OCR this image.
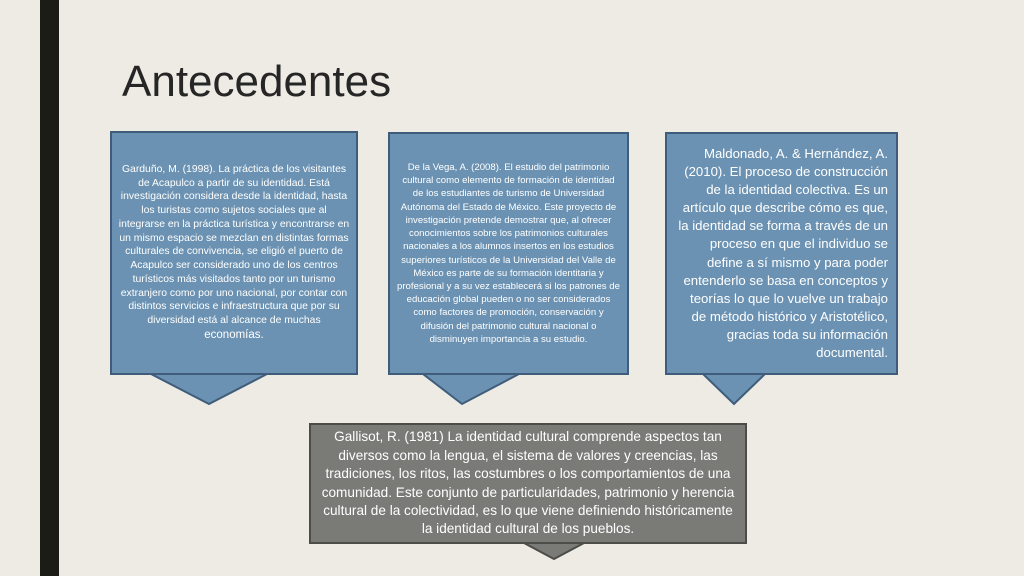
Antecedentes
Garduño, M. (1998). La práctica de los visitantes de Acapulco a partir de su identidad. Está investigación considera desde la identidad, hasta los turistas como sujetos sociales que al integrarse en la práctica turística y encontrarse en un mismo espacio se mezclan en distintas formas culturales de convivencia, se eligió el puerto de Acapulco ser considerado uno de los centros turísticos más visitados tanto por un turismo extranjero como por uno nacional, por contar con distintos servicios e infraestructura que por su diversidad está al alcance de muchas
economías.
De la Vega, A. (2008). El estudio del patrimonio cultural como elemento de formación de identidad de los estudiantes de turismo de Universidad Autónoma del Estado de México. Este proyecto de investigación pretende demostrar que, al ofrecer conocimientos sobre los patrimonios culturales nacionales a los alumnos insertos en los estudios superiores turísticos de la Universidad del Valle de México es parte de su formación identitaria y profesional y a su vez establecerá si los patrones de educación global pueden o no ser considerados como factores de promoción, conservación y difusión del patrimonio cultural nacional o disminuyen importancia a su estudio.
Maldonado, A. & Hernández, A. (2010). El proceso de construcción de la identidad colectiva. Es un artículo que describe cómo es que, la identidad se forma a través de un proceso en que el individuo se define a sí mismo y para poder entenderlo se basa en conceptos y teorías lo que lo vuelve un trabajo de método histórico y Aristotélico, gracias toda su información documental.
Gallisot, R. (1981) La identidad cultural comprende aspectos tan diversos como la lengua, el sistema de valores y creencias, las tradiciones, los ritos, las costumbres o los comportamientos de una comunidad. Este conjunto de particularidades, patrimonio y herencia cultural de la colectividad, es lo que viene definiendo históricamente la identidad cultural de los pueblos.
